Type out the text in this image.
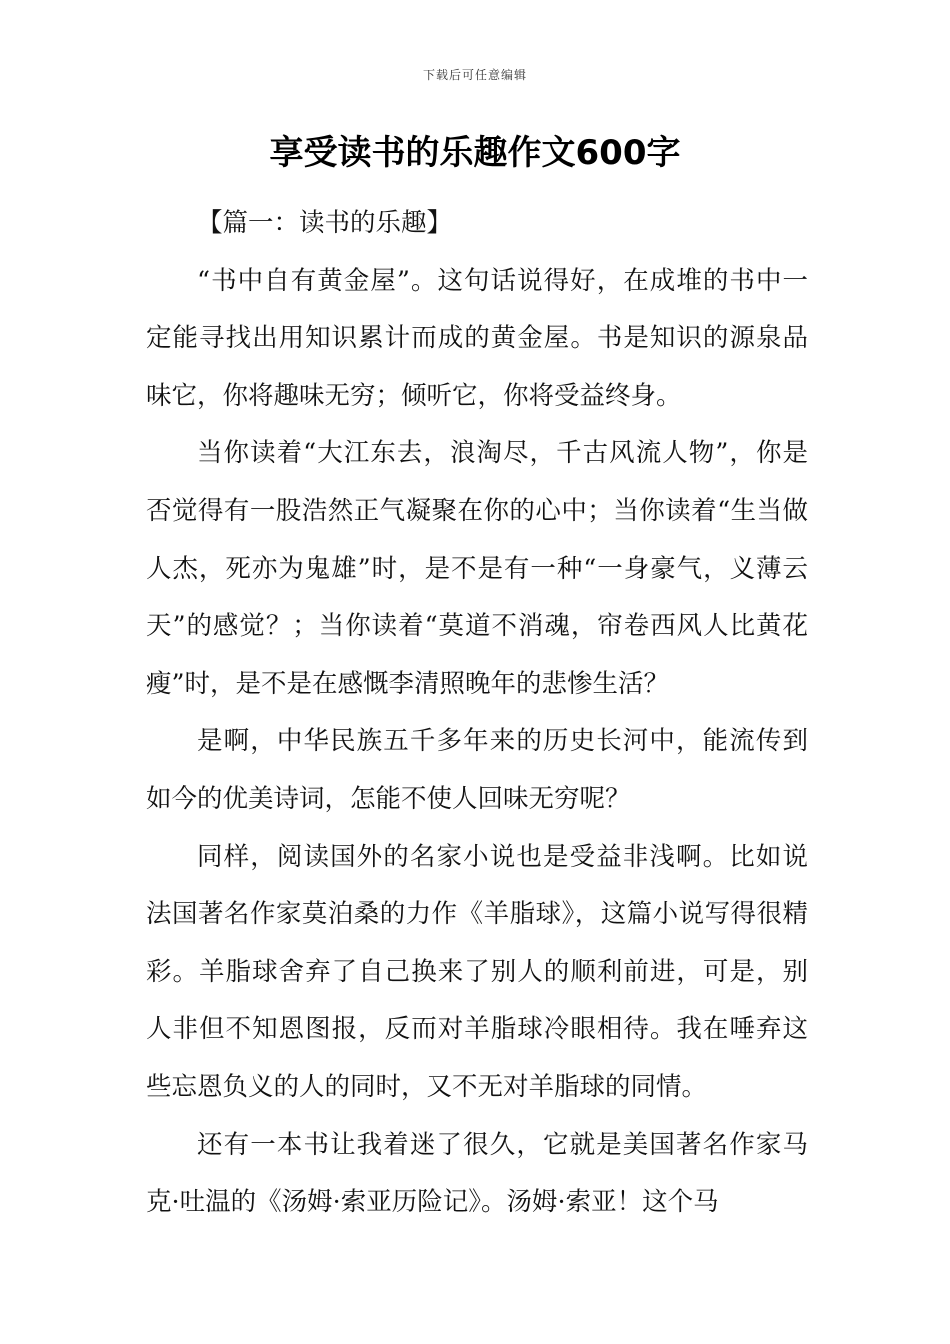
下载后可任意编辑
享受读书的乐趣作文600字

【篇一：读书的乐趣】

“书中自有黄金屋”。这句话说得好，在成堆的书中一定能寻找出用知识累计而成的黄金屋。书是知识的源泉品味它，你将趣味无穷；倾听它，你将受益终身。

当你读着“大江东去，浪淘尽，千古风流人物”，你是否觉得有一股浩然正气凝聚在你的心中；当你读着“生当做人杰，死亦为鬼雄”时，是不是有一种“一身豪气，义薄云天”的感觉？；当你读着“莫道不消魂，帘卷西风人比黄花瘦”时，是不是在感慨李清照晚年的悲惨生活？

是啊，中华民族五千多年来的历史长河中，能流传到如今的优美诗词，怎能不使人回味无穷呢？

同样，阅读国外的名家小说也是受益非浅啊。比如说法国著名作家莫泊桑的力作《羊脂球》，这篇小说写得很精彩。羊脂球舍弃了自己换来了别人的顺利前进，可是，别人非但不知恩图报，反而对羊脂球冷眼相待。我在唾弃这些忘恩负义的人的同时，又不无对羊脂球的同情。

还有一本书让我着迷了很久，它就是美国著名作家马克·吐温的《汤姆·索亚历险记》。汤姆·索亚！这个马
